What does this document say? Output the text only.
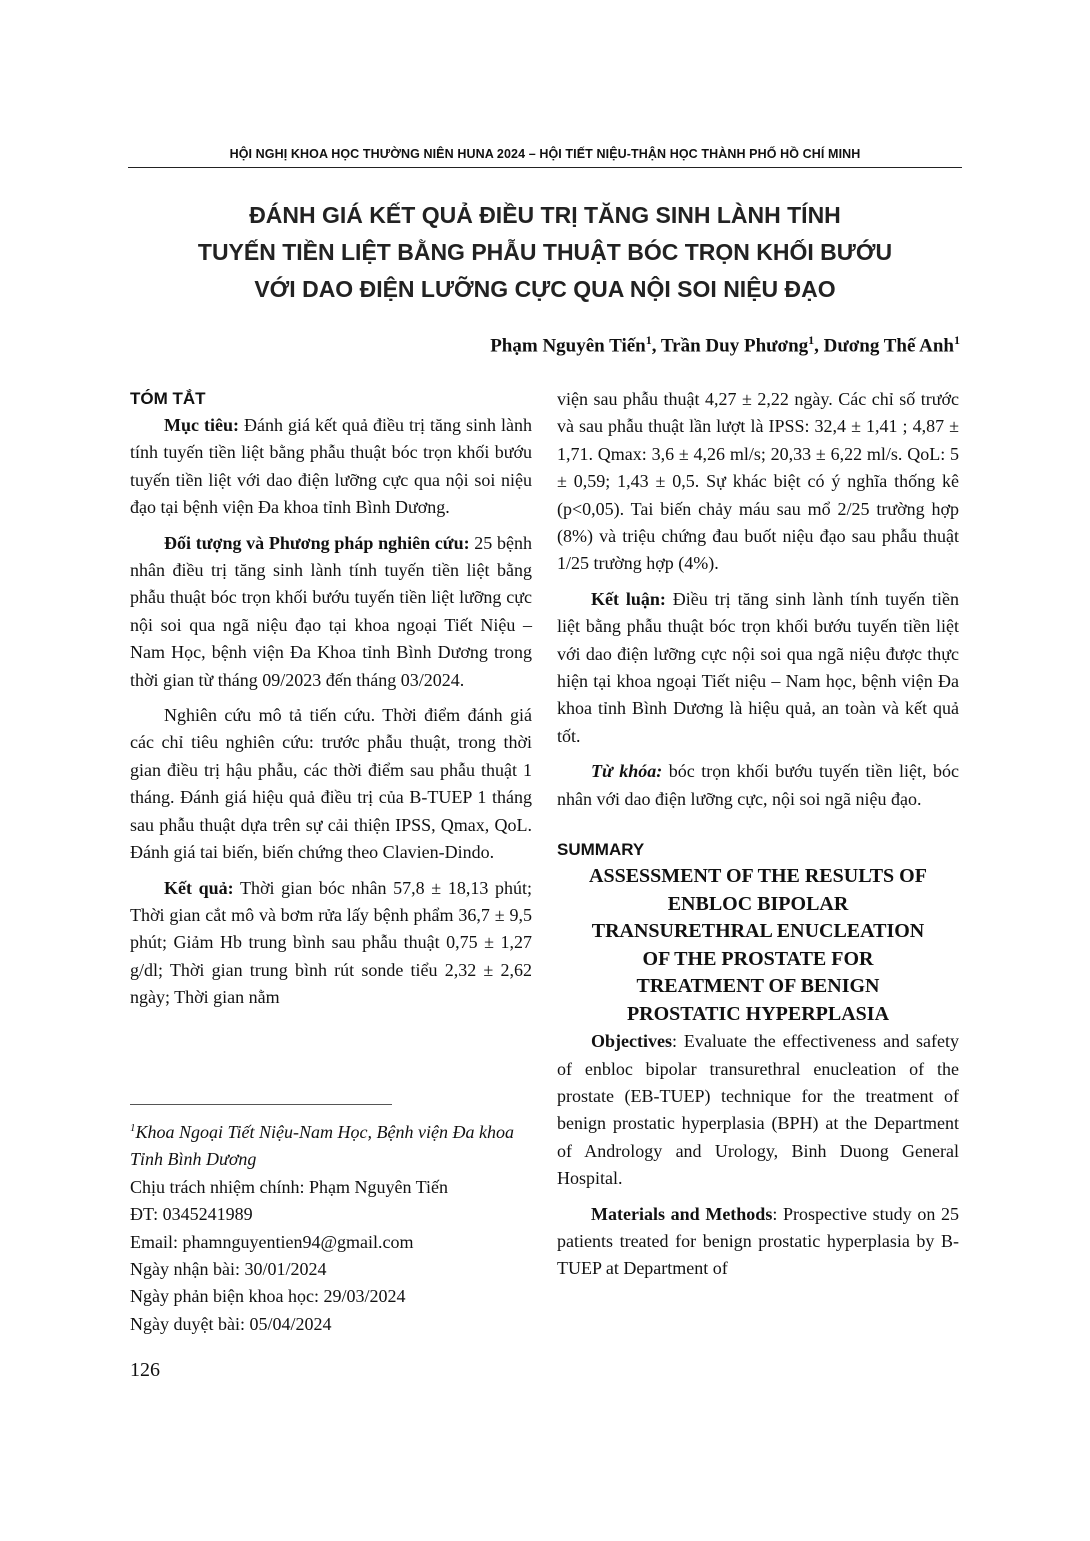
HỘI NGHỊ KHOA HỌC THƯỜNG NIÊN HUNA 2024 – HỘI TIẾT NIỆU-THẬN HỌC THÀNH PHỐ HỒ CHÍ MINH
ĐÁNH GIÁ KẾT QUẢ ĐIỀU TRỊ TĂNG SINH LÀNH TÍNH
TUYẾN TIỀN LIỆT BẰNG PHẪU THUẬT BÓC TRỌN KHỐI BƯỚU
VỚI DAO ĐIỆN LƯỠNG CỰC QUA NỘI SOI NIỆU ĐẠO
Phạm Nguyên Tiến$^1$, Trần Duy Phương$^1$, Dương Thế Anh$^1$
TÓM TẮT

Mục tiêu: Đánh giá kết quả điều trị tăng sinh lành tính tuyến tiền liệt bằng phẫu thuật bóc trọn khối bướu tuyến tiền liệt với dao điện lưỡng cực qua nội soi niệu đạo tại bệnh viện Đa khoa tỉnh Bình Dương.

Đối tượng và Phương pháp nghiên cứu: 25 bệnh nhân điều trị tăng sinh lành tính tuyến tiền liệt bằng phẫu thuật bóc trọn khối bướu tuyến tiền liệt lưỡng cực nội soi qua ngã niệu đạo tại khoa ngoại Tiết Niệu – Nam Học, bệnh viện Đa Khoa tỉnh Bình Dương trong thời gian từ tháng 09/2023 đến tháng 03/2024.

Nghiên cứu mô tả tiến cứu. Thời điểm đánh giá các chỉ tiêu nghiên cứu: trước phẫu thuật, trong thời gian điều trị hậu phẫu, các thời điểm sau phẫu thuật 1 tháng. Đánh giá hiệu quả điều trị của B-TUEP 1 tháng sau phẫu thuật dựa trên sự cải thiện IPSS, Qmax, QoL. Đánh giá tai biến, biến chứng theo Clavien-Dindo.

Kết quả: Thời gian bóc nhân 57,8 ± 18,13 phút; Thời gian cắt mô và bơm rửa lấy bệnh phẩm 36,7 ± 9,5 phút; Giảm Hb trung bình sau phẫu thuật 0,75 ± 1,27 g/dl; Thời gian trung bình rút sonde tiểu 2,32 ± 2,62 ngày; Thời gian nằm

viện sau phẫu thuật 4,27 ± 2,22 ngày. Các chỉ số trước và sau phẫu thuật lần lượt là IPSS: 32,4 ± 1,41 ; 4,87 ± 1,71. Qmax: 3,6 ± 4,26 ml/s; 20,33 ± 6,22 ml/s. QoL: 5 ± 0,59; 1,43 ± 0,5. Sự khác biệt có ý nghĩa thống kê (p<0,05). Tai biến chảy máu sau mổ 2/25 trường hợp (8%) và triệu chứng đau buốt niệu đạo sau phẫu thuật 1/25 trường hợp (4%).

Kết luận: Điều trị tăng sinh lành tính tuyến tiền liệt bằng phẫu thuật bóc trọn khối bướu tuyến tiền liệt với dao điện lưỡng cực nội soi qua ngã niệu được thực hiện tại khoa ngoại Tiết niệu – Nam học, bệnh viện Đa khoa tỉnh Bình Dương là hiệu quả, an toàn và kết quả tốt.

Từ khóa: bóc trọn khối bướu tuyến tiền liệt, bóc nhân với dao điện lưỡng cực, nội soi ngã niệu đạo.

SUMMARY
ASSESSMENT OF THE RESULTS OF
ENBLOC BIPOLAR
TRANSURETHRAL ENUCLEATION
OF THE PROSTATE FOR
TREATMENT OF BENIGN
PROSTATIC HYPERPLASIA

Objectives: Evaluate the effectiveness and safety of enbloc bipolar transurethral enucleation of the prostate (EB-TUEP) technique for the treatment of benign prostatic hyperplasia (BPH) at the Department of Andrology and Urology, Binh Duong General Hospital.

Materials and Methods: Prospective study on 25 patients treated for benign prostatic hyperplasia by B-TUEP at Department of

$^1$Khoa Ngoại Tiết Niệu-Nam Học, Bệnh viện Đa khoa Tỉnh Bình Dương
Chịu trách nhiệm chính: Phạm Nguyên Tiến
ĐT: 0345241989
Email: phamnguyentien94@gmail.com
Ngày nhận bài: 30/01/2024
Ngày phản biện khoa học: 29/03/2024
Ngày duyệt bài: 05/04/2024
126
